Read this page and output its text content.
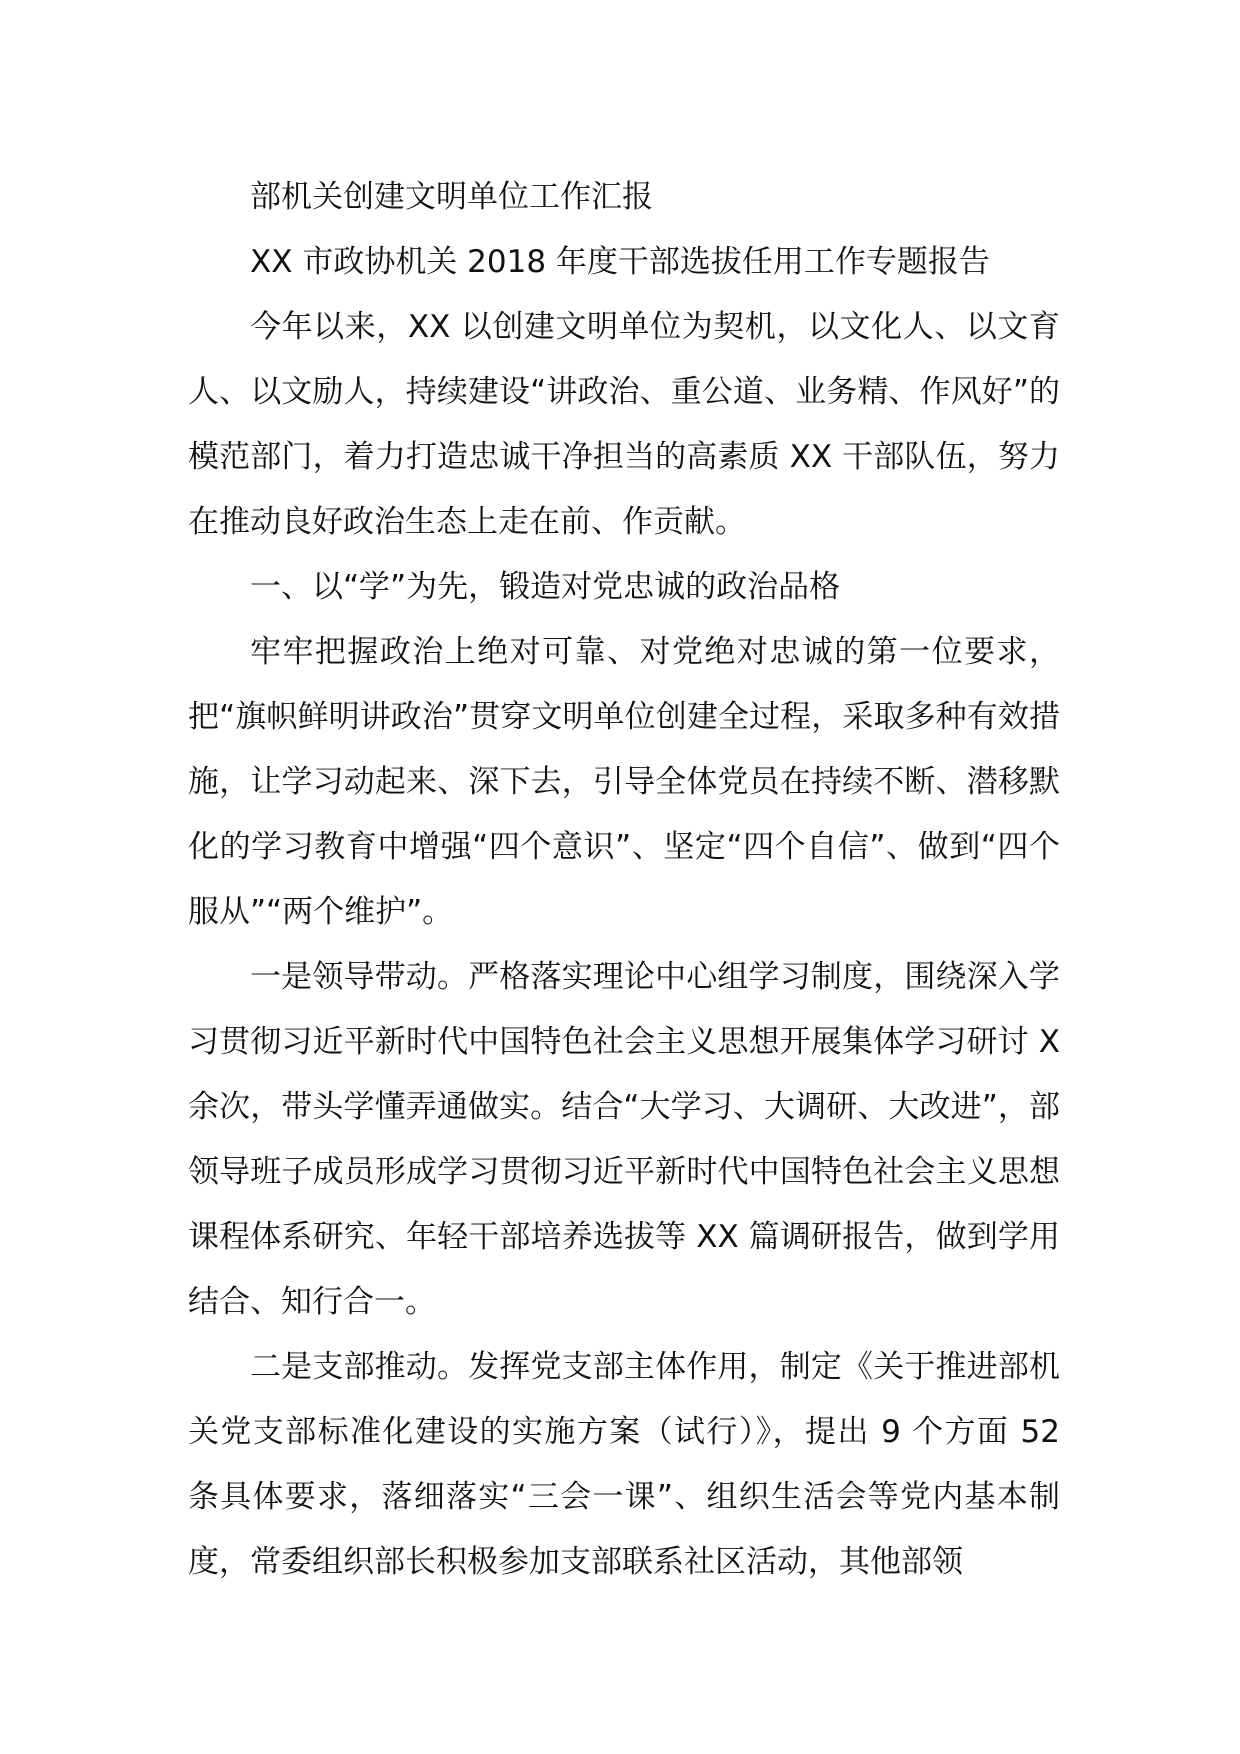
部机关创建文明单位工作汇报

XX 市政协机关 2018 年度干部选拔任用工作专题报告

今年以来，XX 以创建文明单位为契机，以文化人、以文育人、以文励人，持续建设“讲政治、重公道、业务精、作风好”的模范部门，着力打造忠诚干净担当的高素质 XX 干部队伍，努力在推动良好政治生态上走在前、作贡献。

一、以“学”为先，锻造对党忠诚的政治品格

牢牢把握政治上绝对可靠、对党绝对忠诚的第一位要求，把“旗帜鲜明讲政治”贯穿文明单位创建全过程，采取多种有效措施，让学习动起来、深下去，引导全体党员在持续不断、潜移默化的学习教育中增强“四个意识”、坚定“四个自信”、做到“四个服从”“两个维护”。

一是领导带动。严格落实理论中心组学习制度，围绕深入学习贯彻习近平新时代中国特色社会主义思想开展集体学习研讨 X 余次，带头学懂弄通做实。结合“大学习、大调研、大改进”，部领导班子成员形成学习贯彻习近平新时代中国特色社会主义思想课程体系研究、年轻干部培养选拔等 XX 篇调研报告，做到学用结合、知行合一。

二是支部推动。发挥党支部主体作用，制定《关于推进部机关党支部标准化建设的实施方案（试行）》，提出 9 个方面 52 条具体要求，落细落实“三会一课”、组织生活会等党内基本制度，常委组织部长积极参加支部联系社区活动，其他部领
